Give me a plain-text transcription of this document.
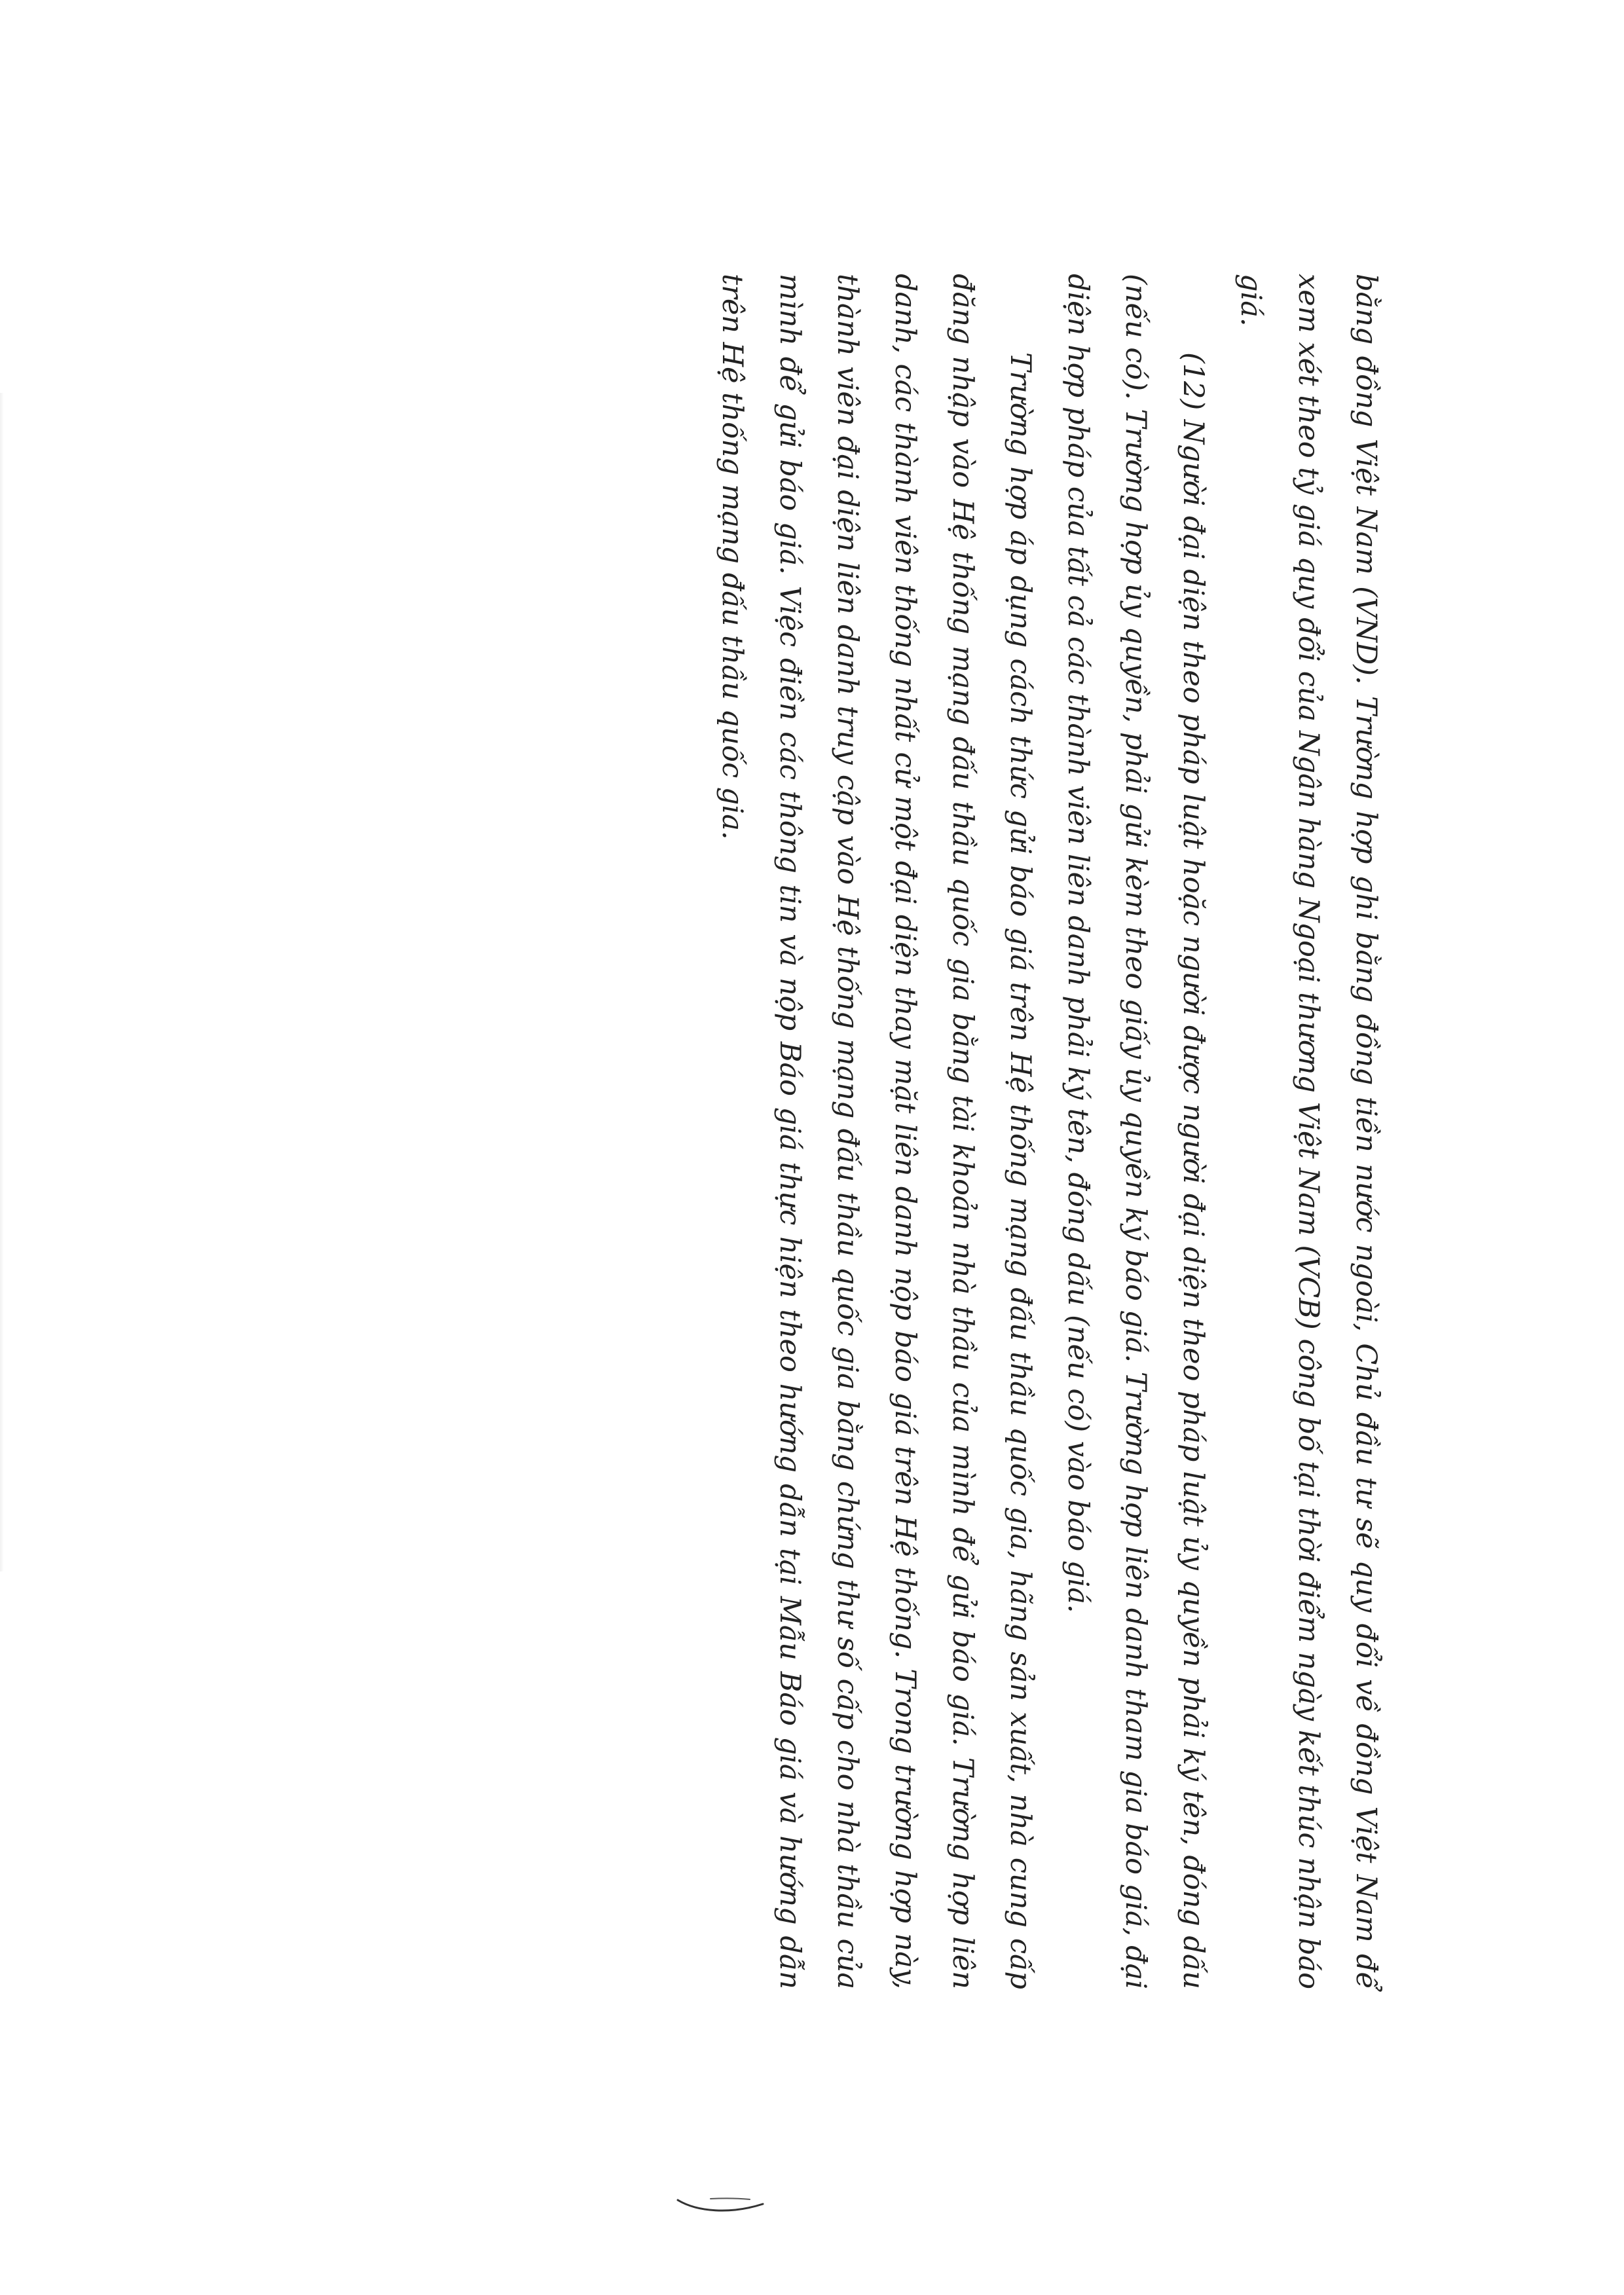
bằng đồng Việt Nam (VND). Trường hợp ghi bằng đồng tiền nước ngoài, Chủ đầu tư sẽ quy đổi về đồng Việt Nam để xem xét theo tỷ giá quy đổi của Ngân hàng Ngoại thương Việt Nam (VCB) công bố tại thời điểm ngày kết thúc nhận báo giá.

(12) Người đại diện theo pháp luật hoặc người được người đại diện theo pháp luật ủy quyền phải ký tên, đóng dấu (nếu có). Trường hợp ủy quyền, phải gửi kèm theo giấy ủy quyền ký báo giá. Trường hợp liên danh tham gia báo giá, đại diện hợp pháp của tất cả các thành viên liên danh phải ký tên, đóng dấu (nếu có) vào báo giá.

Trường hợp áp dụng cách thức gửi báo giá trên Hệ thống mạng đấu thầu quốc gia, hãng sản xuất, nhà cung cấp đăng nhập vào Hệ thống mạng đấu thầu quốc gia bằng tài khoản nhà thầu của mình để gửi báo giá. Trường hợp liên danh, các thành viên thống nhất cử một đại diện thay mặt liên danh nộp báo giá trên Hệ thống. Trong trường hợp này, thành viên đại diện liên danh truy cập vào Hệ thống mạng đấu thầu quốc gia bằng chứng thư số cấp cho nhà thầu của mình để gửi báo giá. Việc điền các thông tin và nộp Báo giá thực hiện theo hướng dẫn tại Mẫu Báo giá và hướng dẫn trên Hệ thống mạng đấu thầu quốc gia.
